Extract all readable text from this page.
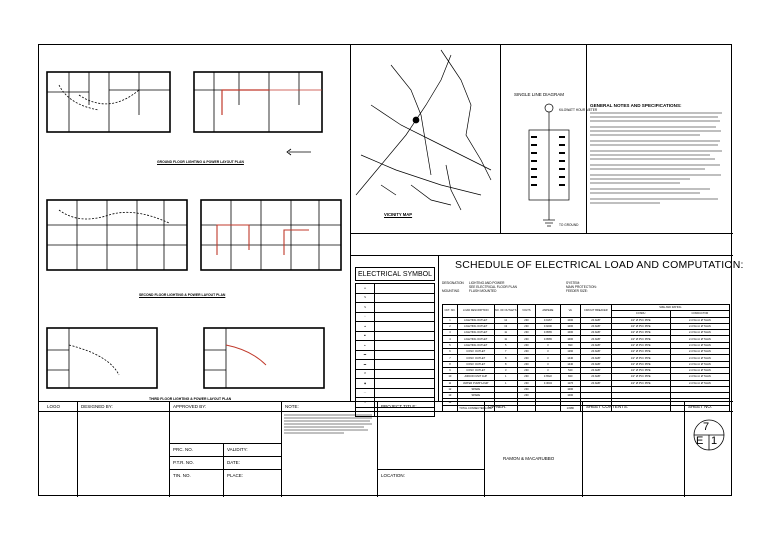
GROUND FLOOR LIGHTING & POWER LAYOUT PLAN
SECOND FLOOR LIGHTING & POWER LAYOUT PLAN
THIRD FLOOR LIGHTING & POWER LAYOUT PLAN
VICINITY MAP
SINGLE LINE DIAGRAM
KILOWATT HOUR METER
TO GROUND
GENERAL NOTES AND SPECIFICATIONS:
SCHEDULE OF ELECTRICAL LOAD AND COMPUTATION:
ELECTRICAL SYMBOL
▭	
S	
S	
○	
▲	
■	
●	
▬	
▬	
⟳	
◉	
⌒	
⇨	

DESIGNATION
MOUNTING
LIGHTING AND POWER
SEE ELECTRICAL FLOOR PLAN
FLUSH MOUNTED
SYSTEM:
MAIN PROTECTION:
FEEDER SIZE:
CKT. NO.	LOAD DESCRIPTION	NO. OF OUTLETS	VOLTS	AMPERE	VA	CIRCUIT BREAKER	SIZE AND RATING	
							CONDU	CONDUCTOR
1	LIGHTING OUTLET	12	230	0.9167	1000	20 AMP	1/2" Ø PVC PIPE	2-3.5mm² Ø THHN
2	LIGHTING OUTLET	13	230	0.9200	1000	20 AMP	1/2" Ø PVC PIPE	2-3.5mm² Ø THHN
3	LIGHTING OUTLET	11	230	0.9565	1000	20 AMP	1/2" Ø PVC PIPE	2-3.5mm² Ø THHN
4	LIGHTING OUTLET	11	230	0.9565	1000	20 AMP	1/2" Ø PVC PIPE	2-3.5mm² Ø THHN
5	LIGHTING OUTLET	5	230	3	690	20 AMP	1/2" Ø PVC PIPE	2-3.5mm² Ø THHN
6	CONV. OUTLET	7	230	3	1260	20 AMP	1/2" Ø PVC PIPE	2-3.5mm² Ø THHN
7	CONV. OUTLET	8	230	3	1440	20 AMP	1/2" Ø PVC PIPE	2-3.5mm² Ø THHN
8	CONV. OUTLET	8	230	3	1440	20 AMP	1/2" Ø PVC PIPE	2-3.5mm² Ø THHN
9	CONV. OUTLET	3	230	3	540	20 AMP	1/2" Ø PVC PIPE	2-3.5mm² Ø THHN
10	AIRCON UNIT 1HP	1	230	3.6522	840	20 AMP	1/2" Ø PVC PIPE	2-3.5mm² Ø THHN
11	WATER PUMP 1/2HP	1	230	3.3043	1176	20 AMP	1/2" Ø PVC PIPE	2-3.5mm² Ø THHN
12	SPARE		230		1000			
13	SPARE		230		1000			
14								
	TOTAL CONNECTED LOAD				13386			
LOGO	DESIGNED BY:	APPROVED BY:	NOTE:	PROJECT TITLE:	OWNER:
RAMON & MACARUBBO
SHEET CONTENTS:	SHEET NO.
PRC. NO.	VALIDITY:
P.T.R. NO.	DATE:
TIN. NO.	PLACE:	LOCATION:
7
E 1
